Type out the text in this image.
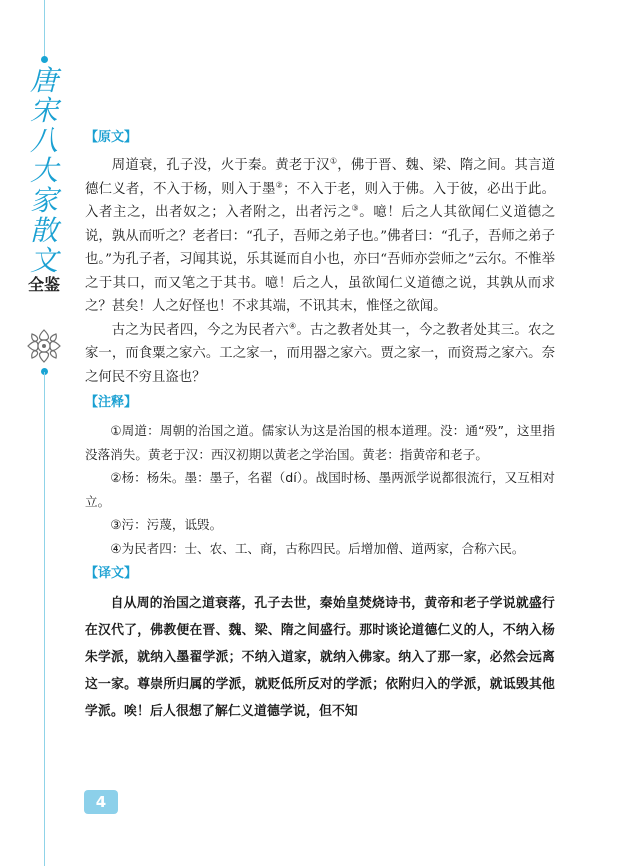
唐
宋
八
大
家
散
文
全鉴
【原文】

周道衰，孔子没，火于秦。黄老于汉①，佛于晋、魏、梁、隋之间。其言道德仁义者，不入于杨，则入于墨②；不入于老，则入于佛。入于彼，必出于此。入者主之，出者奴之；入者附之，出者污之③。噫！后之人其欲闻仁义道德之说，孰从而听之？老者曰：“孔子，吾师之弟子也。”佛者曰：“孔子，吾师之弟子也。”为孔子者，习闻其说，乐其诞而自小也，亦曰“吾师亦尝师之”云尔。不惟举之于其口，而又笔之于其书。噫！后之人，虽欲闻仁义道德之说，其孰从而求之？甚矣！人之好怪也！不求其端，不讯其末，惟怪之欲闻。

古之为民者四，今之为民者六④。古之教者处其一，今之教者处其三。农之家一，而食粟之家六。工之家一，而用器之家六。贾之家一，而资焉之家六。奈之何民不穷且盗也？

【注释】

①周道：周朝的治国之道。儒家认为这是治国的根本道理。没：通“殁”，这里指没落消失。黄老于汉：西汉初期以黄老之学治国。黄老：指黄帝和老子。

②杨：杨朱。墨：墨子，名翟（dí）。战国时杨、墨两派学说都很流行，又互相对立。

③污：污蔑，诋毁。

④为民者四：士、农、工、商，古称四民。后增加僧、道两家，合称六民。

【译文】

自从周的治国之道衰落，孔子去世，秦始皇焚烧诗书，黄帝和老子学说就盛行在汉代了，佛教便在晋、魏、梁、隋之间盛行。那时谈论道德仁义的人，不纳入杨朱学派，就纳入墨翟学派；不纳入道家，就纳入佛家。纳入了那一家，必然会远离这一家。尊崇所归属的学派，就贬低所反对的学派；依附归入的学派，就诋毁其他学派。唉！后人很想了解仁义道德学说，但不知

4
